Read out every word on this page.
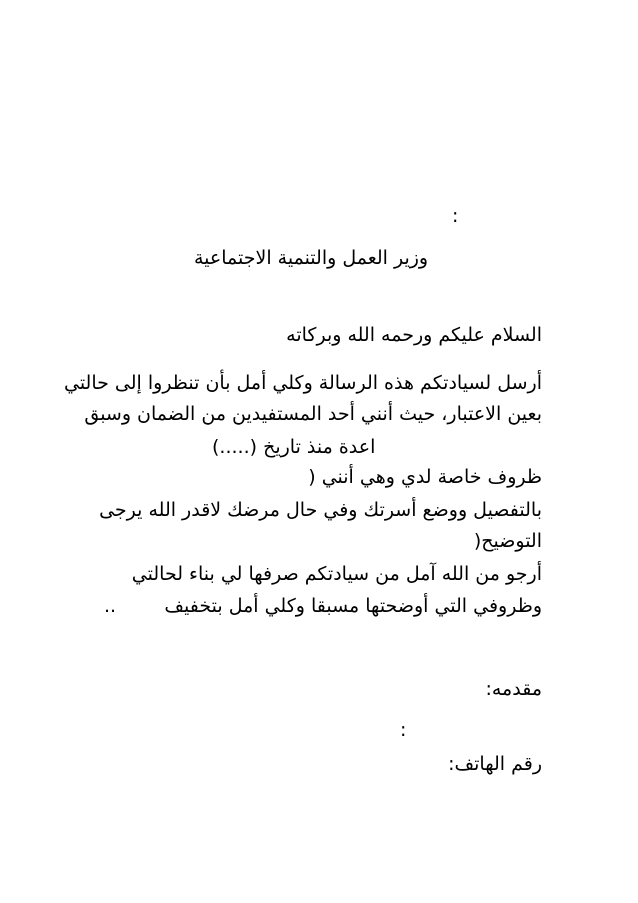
:
وزير العمل والتنمية الاجتماعية
السلام عليكم ورحمه الله وبركاته
أرسل لسيادتكم هذه الرسالة وكلي أمل بأن تنظروا إلى حالتي
بعين الاعتبار، حيث أنني أحد المستفيدين من الضمان وسبق
اعدة منذ تاريخ (.....)
ظروف خاصة لدي وهي أنني (
بالتفصيل ووضع أسرتك وفي حال مرضك لاقدر الله يرجى
التوضيح(
أرجو من الله آمل من سيادتكم صرفها لي بناء لحالتي
وظروفي التي أوضحتها مسبقا وكلي أمل بتخفيف
..
مقدمه:
:
رقم الهاتف:
